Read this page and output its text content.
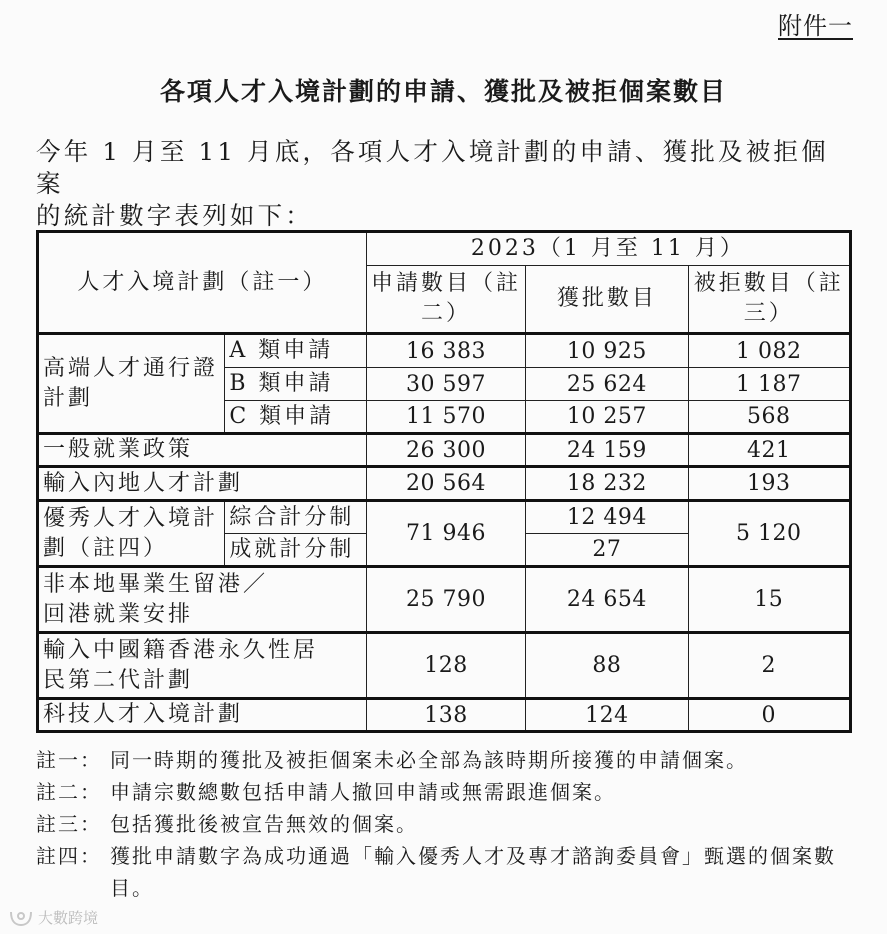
附件一
各項人才入境計劃的申請、獲批及被拒個案數目
今年 1 月至 11 月底，各項人才入境計劃的申請、獲批及被拒個案
的統計數字表列如下：
人才入境計劃（註一）		2023（1 月至 11 月）		
		申請數目（註二）	獲批數目	被拒數目（註三）
高端人才通行證計劃	A 類申請	16 383	10 925	1 082
	B 類申請	30 597	25 624	1 187
	C 類申請	11 570	10 257	568
一般就業政策		26 300	24 159	421
輸入內地人才計劃		20 564	18 232	193
優秀人才入境計劃（註四）	綜合計分制	71 946	12 494	5 120
	成就計分制		27	
非本地畢業生留港／回港就業安排		25 790	24 654	15
輸入中國籍香港永久性居民第二代計劃		128	88	2
科技人才入境計劃		138	124	0
註一： 同一時期的獲批及被拒個案未必全部為該時期所接獲的申請個案。
註二： 申請宗數總數包括申請人撤回申請或無需跟進個案。
註三： 包括獲批後被宣告無效的個案。
註四： 獲批申請數字為成功通過「輸入優秀人才及專才諮詢委員會」甄選的個案數目。
大數跨境
